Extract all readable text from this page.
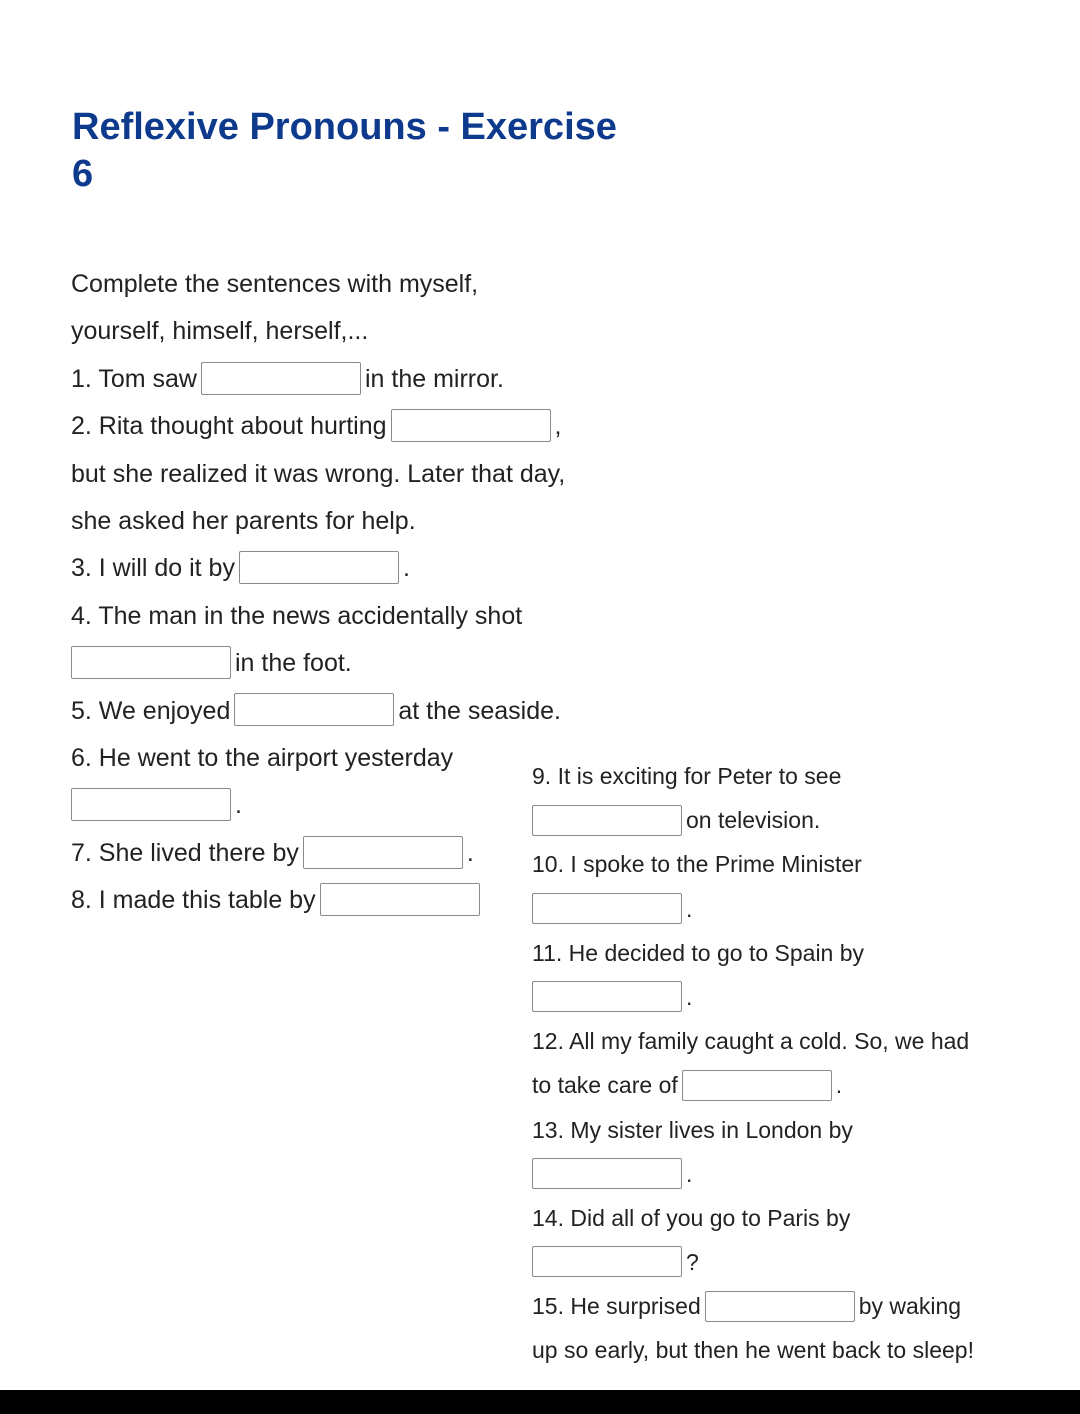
Reflexive Pronouns - Exercise
6
Complete the sentences with myself,
yourself, himself, herself,...
1. Tom saw	in the mirror.
2. Rita thought about hurting	,
but she realized it was wrong. Later that day,
she asked her parents for help.
3. I will do it by	.
4. The man in the news accidentally shot
in the foot.
5. We enjoyed	at the seaside.
6. He went to the airport yesterday
.
7. She lived there by	.
8. I made this table by
9. It is exciting for Peter to see
on television.
10. I spoke to the Prime Minister
.
11. He decided to go to Spain by
.
12. All my family caught a cold. So, we had
to take care of	.
13. My sister lives in London by
.
14. Did all of you go to Paris by
?
15. He surprised	by waking
up so early, but then he went back to sleep!
